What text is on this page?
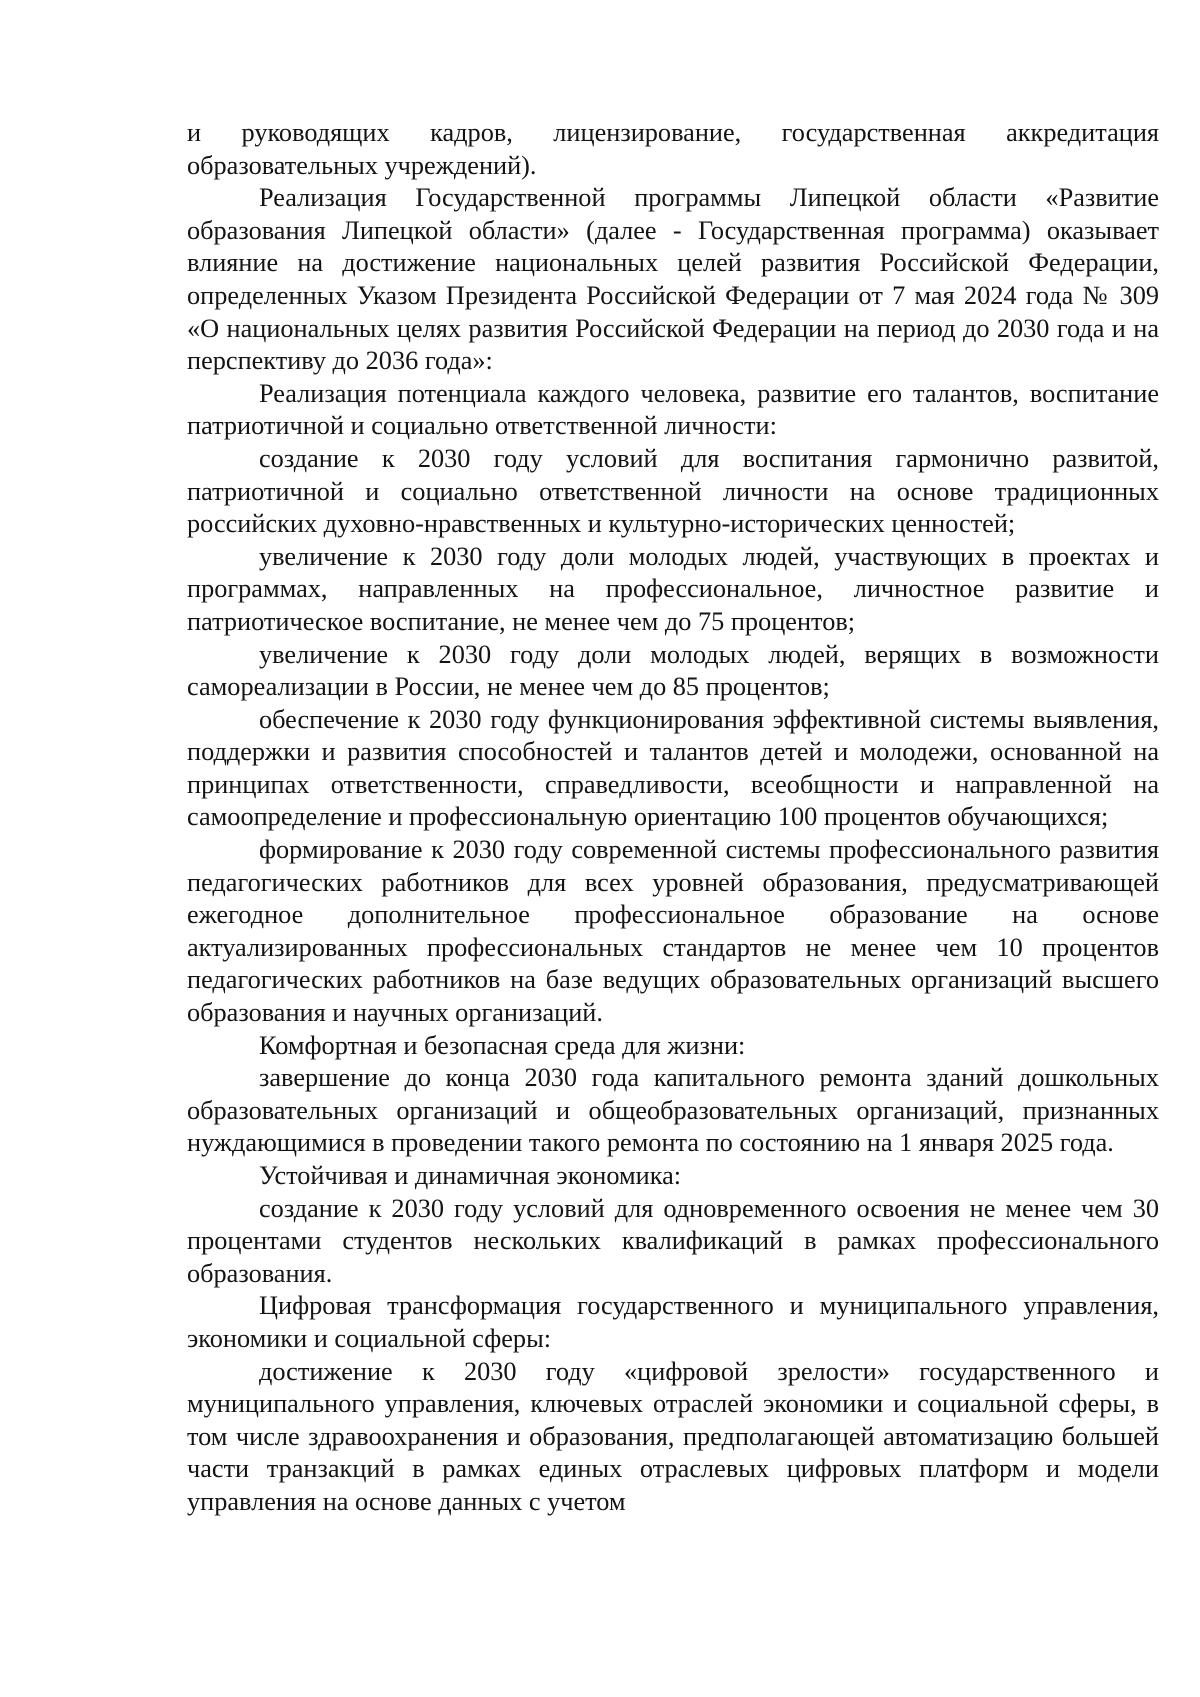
и руководящих кадров, лицензирование, государственная аккредитация образовательных учреждений).

Реализация Государственной программы Липецкой области «Развитие образования Липецкой области» (далее - Государственная программа) оказывает влияние на достижение национальных целей развития Российской Федерации, определенных Указом Президента Российской Федерации от 7 мая 2024 года № 309 «О национальных целях развития Российской Федерации на период до 2030 года и на перспективу до 2036 года»:

Реализация потенциала каждого человека, развитие его талантов, воспитание патриотичной и социально ответственной личности:

создание к 2030 году условий для воспитания гармонично развитой, патриотичной и социально ответственной личности на основе традиционных российских духовно-нравственных и культурно-исторических ценностей;

увеличение к 2030 году доли молодых людей, участвующих в проектах и программах, направленных на профессиональное, личностное развитие и патриотическое воспитание, не менее чем до 75 процентов;

увеличение к 2030 году доли молодых людей, верящих в возможности самореализации в России, не менее чем до 85 процентов;

обеспечение к 2030 году функционирования эффективной системы выявления, поддержки и развития способностей и талантов детей и молодежи, основанной на принципах ответственности, справедливости, всеобщности и направленной на самоопределение и профессиональную ориентацию 100 процентов обучающихся;

формирование к 2030 году современной системы профессионального развития педагогических работников для всех уровней образования, предусматривающей ежегодное дополнительное профессиональное образование на основе актуализированных профессиональных стандартов не менее чем 10 процентов педагогических работников на базе ведущих образовательных организаций высшего образования и научных организаций.

Комфортная и безопасная среда для жизни:

завершение до конца 2030 года капитального ремонта зданий дошкольных образовательных организаций и общеобразовательных организаций, признанных нуждающимися в проведении такого ремонта по состоянию на 1 января 2025 года.

Устойчивая и динамичная экономика:

создание к 2030 году условий для одновременного освоения не менее чем 30 процентами студентов нескольких квалификаций в рамках профессионального образования.

Цифровая трансформация государственного и муниципального управления, экономики и социальной сферы:

достижение к 2030 году «цифровой зрелости» государственного и муниципального управления, ключевых отраслей экономики и социальной сферы, в том числе здравоохранения и образования, предполагающей автоматизацию большей части транзакций в рамках единых отраслевых цифровых платформ и модели управления на основе данных с учетом
